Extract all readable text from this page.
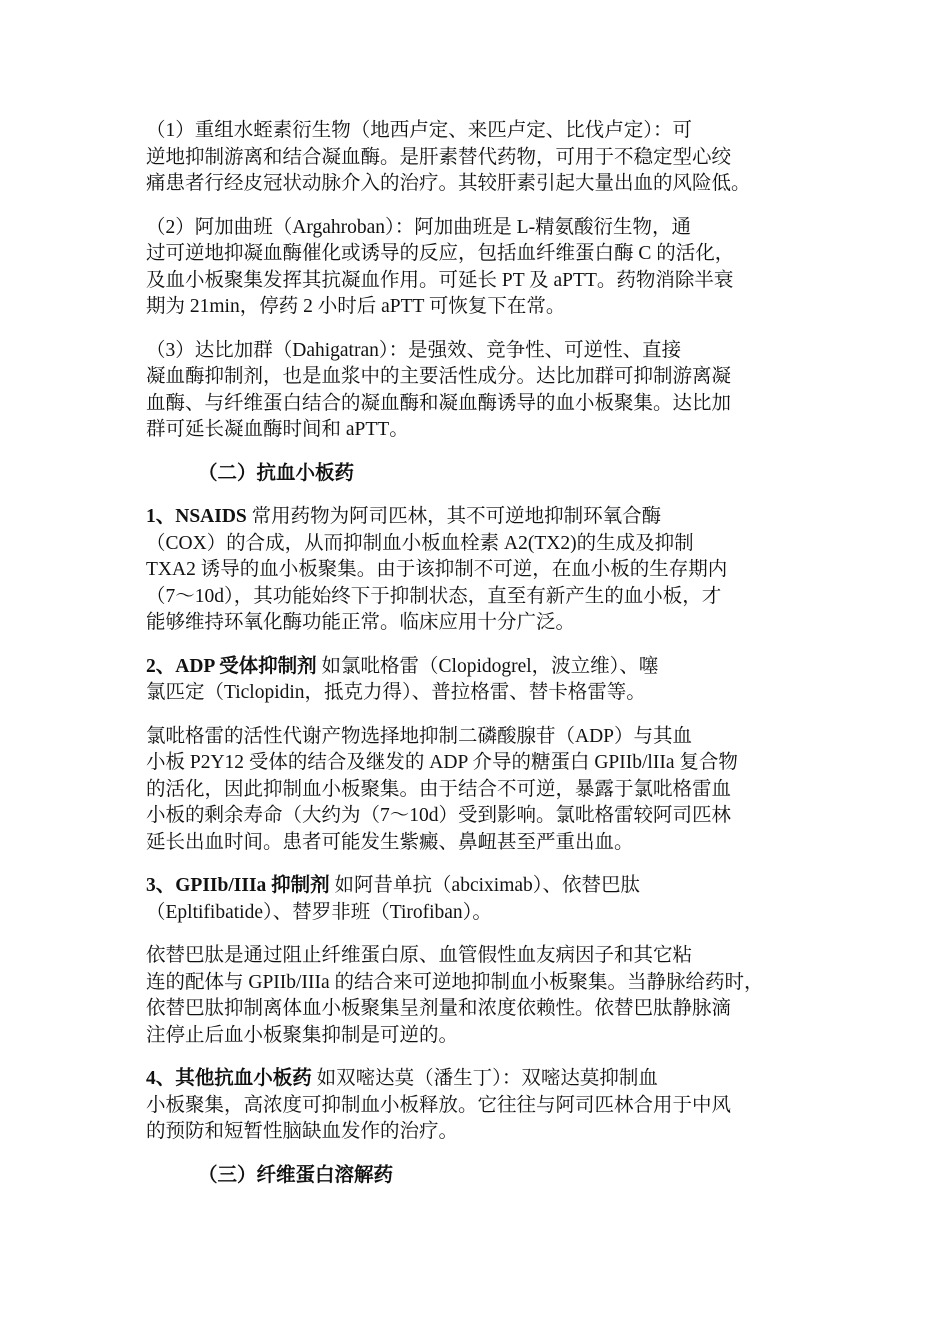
（1）重组水蛭素衍生物（地西卢定、来匹卢定、比伐卢定）：可
逆地抑制游离和结合凝血酶。是肝素替代药物，可用于不稳定型心绞
痛患者行经皮冠状动脉介入的治疗。其较肝素引起大量出血的风险低。

（2）阿加曲班（Argahroban）：阿加曲班是 L-精氨酸衍生物，通
过可逆地抑凝血酶催化或诱导的反应，包括血纤维蛋白酶 C 的活化，
及血小板聚集发挥其抗凝血作用。可延长 PT 及 aPTT。药物消除半衰
期为 21min，停药 2 小时后 aPTT 可恢复下在常。

（3）达比加群（Dahigatran）：是强效、竞争性、可逆性、直接
凝血酶抑制剂，也是血浆中的主要活性成分。达比加群可抑制游离凝
血酶、与纤维蛋白结合的凝血酶和凝血酶诱导的血小板聚集。达比加
群可延长凝血酶时间和 aPTT。

（二）抗血小板药

1、NSAIDS 常用药物为阿司匹林，其不可逆地抑制环氧合酶
（COX）的合成，从而抑制血小板血栓素 A2(TX2)的生成及抑制
TXA2 诱导的血小板聚集。由于该抑制不可逆，在血小板的生存期内
（7～10d），其功能始终下于抑制状态，直至有新产生的血小板，才
能够维持环氧化酶功能正常。临床应用十分广泛。

2、ADP 受体抑制剂 如氯吡格雷（Clopidogrel，波立维）、噻
氯匹定（Ticlopidin，抵克力得）、普拉格雷、替卡格雷等。

氯吡格雷的活性代谢产物选择地抑制二磷酸腺苷（ADP）与其血
小板 P2Y12 受体的结合及继发的 ADP 介导的糖蛋白 GPIIb/lIIa 复合物
的活化，因此抑制血小板聚集。由于结合不可逆，暴露于氯吡格雷血
小板的剩余寿命（大约为（7～10d）受到影响。氯吡格雷较阿司匹林
延长出血时间。患者可能发生紫癜、鼻衄甚至严重出血。

3、GPIIb/IIIa 抑制剂 如阿昔单抗（abciximab）、依替巴肽
（Epltifibatide）、替罗非班（Tirofiban）。

依替巴肽是通过阻止纤维蛋白原、血管假性血友病因子和其它粘
连的配体与 GPIIb/IIIa 的结合来可逆地抑制血小板聚集。当静脉给药时，
依替巴肽抑制离体血小板聚集呈剂量和浓度依赖性。依替巴肽静脉滴
注停止后血小板聚集抑制是可逆的。

4、其他抗血小板药 如双嘧达莫（潘生丁）：双嘧达莫抑制血
小板聚集，高浓度可抑制血小板释放。它往往与阿司匹林合用于中风
的预防和短暂性脑缺血发作的治疗。

（三）纤维蛋白溶解药
